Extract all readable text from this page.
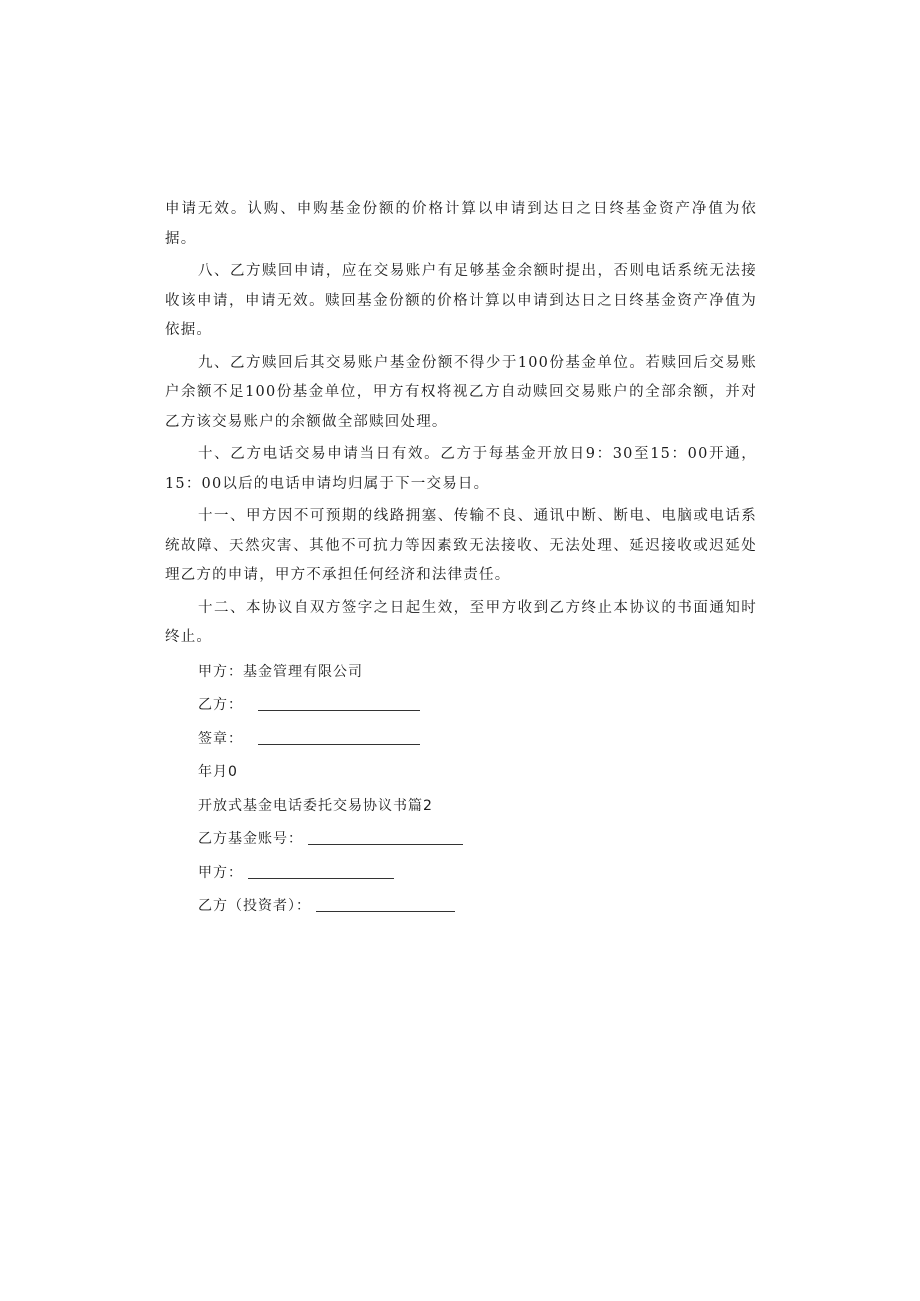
申请无效。认购、申购基金份额的价格计算以申请到达日之日终基金资产净值为依据。

八、乙方赎回申请，应在交易账户有足够基金余额时提出，否则电话系统无法接收该申请，申请无效。赎回基金份额的价格计算以申请到达日之日终基金资产净值为依据。

九、乙方赎回后其交易账户基金份额不得少于100份基金单位。若赎回后交易账户余额不足100份基金单位，甲方有权将视乙方自动赎回交易账户的全部余额，并对乙方该交易账户的余额做全部赎回处理。

十、乙方电话交易申请当日有效。乙方于每基金开放日9：30至15：00开通，15：00以后的电话申请均归属于下一交易日。

十一、甲方因不可预期的线路拥塞、传输不良、通讯中断、断电、电脑或电话系统故障、天然灾害、其他不可抗力等因素致无法接收、无法处理、延迟接收或迟延处理乙方的申请，甲方不承担任何经济和法律责任。

十二、本协议自双方签字之日起生效，至甲方收到乙方终止本协议的书面通知时终止。

甲方：基金管理有限公司

乙方：

签章：

年月0

开放式基金电话委托交易协议书篇2

乙方基金账号：

甲方：

乙方（投资者）：
